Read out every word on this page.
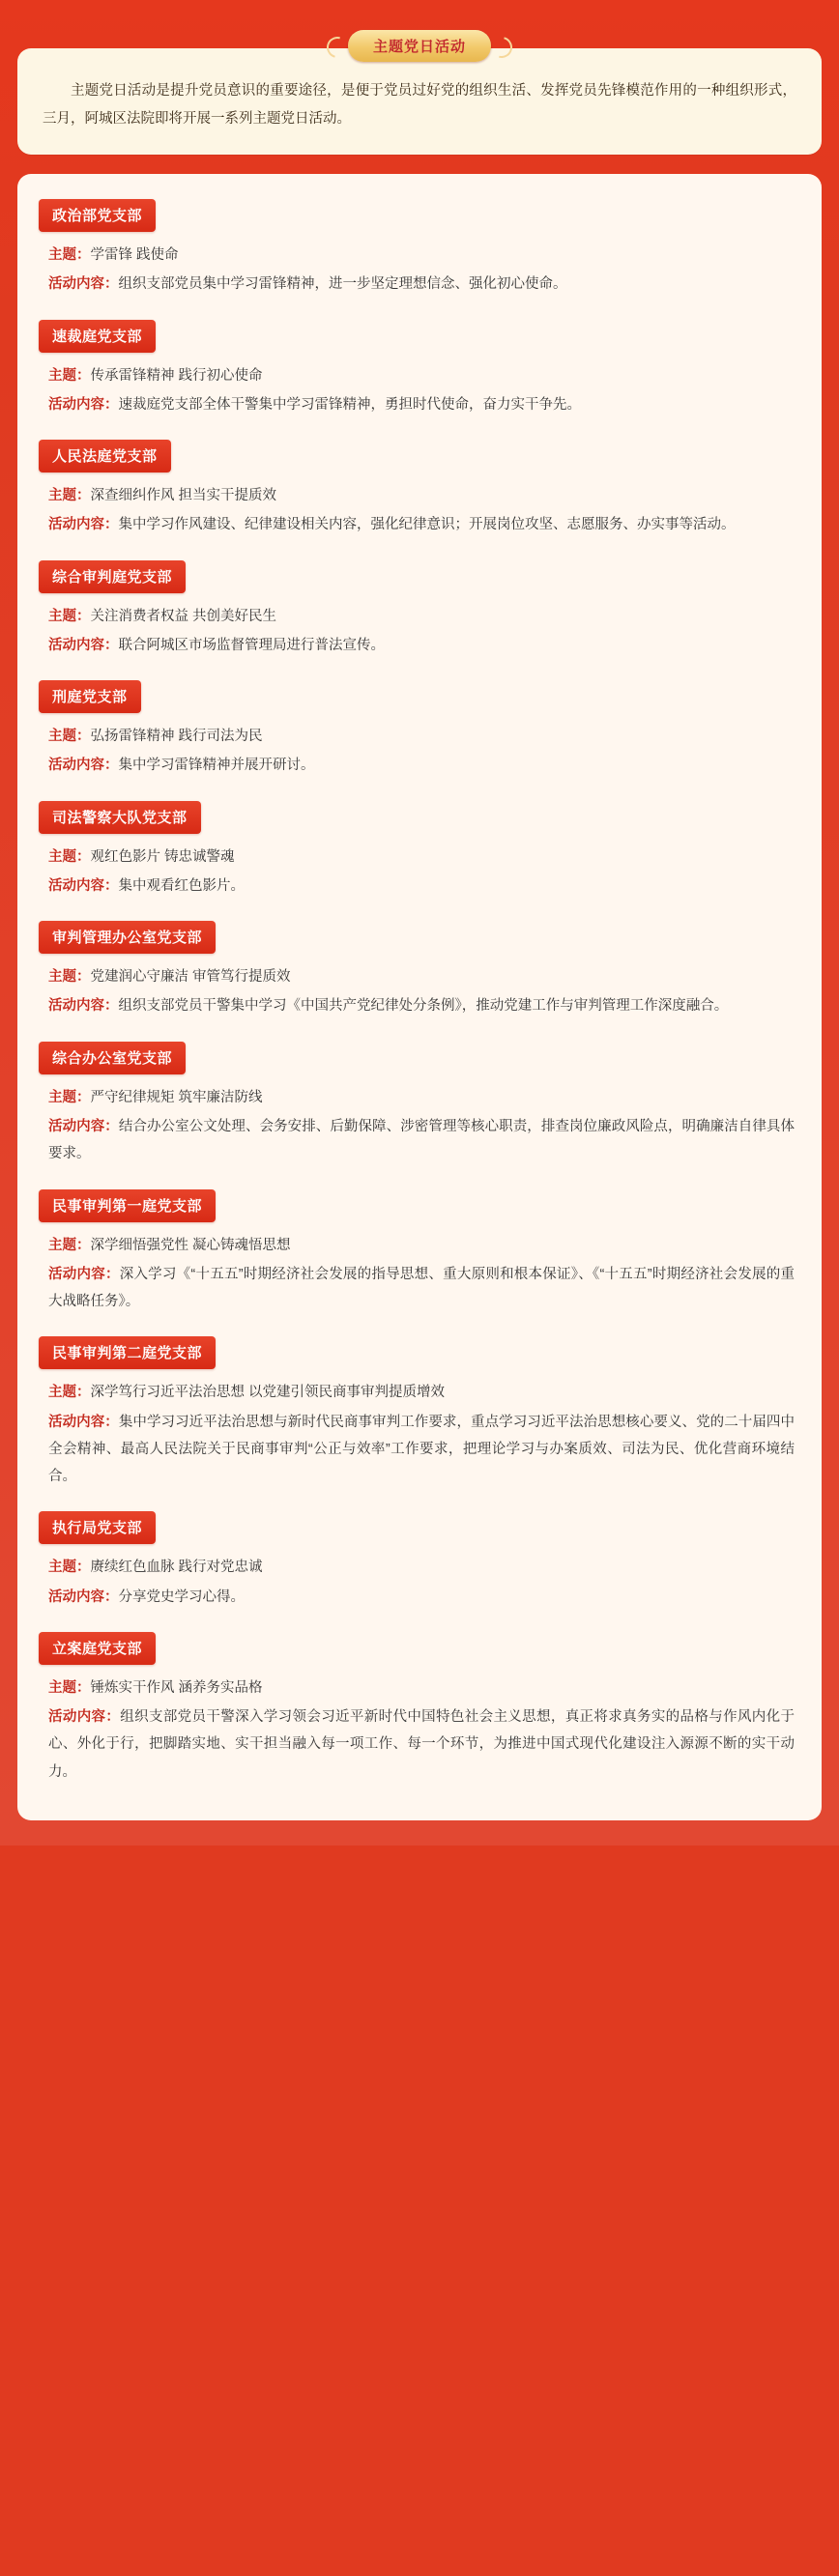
主题党日活动

主题党日活动是提升党员意识的重要途径，是便于党员过好党的组织生活、发挥党员先锋模范作用的一种组织形式，三月，阿城区法院即将开展一系列主题党日活动。

政治部党支部

主题：学雷锋 践使命

活动内容：组织支部党员集中学习雷锋精神，进一步坚定理想信念、强化初心使命。

速裁庭党支部

主题：传承雷锋精神 践行初心使命

活动内容：速裁庭党支部全体干警集中学习雷锋精神，勇担时代使命，奋力实干争先。

人民法庭党支部

主题：深查细纠作风 担当实干提质效

活动内容：集中学习作风建设、纪律建设相关内容，强化纪律意识；开展岗位攻坚、志愿服务、办实事等活动。

综合审判庭党支部

主题：关注消费者权益 共创美好民生

活动内容：联合阿城区市场监督管理局进行普法宣传。

刑庭党支部

主题：弘扬雷锋精神 践行司法为民

活动内容：集中学习雷锋精神并展开研讨。

司法警察大队党支部

主题：观红色影片 铸忠诚警魂

活动内容：集中观看红色影片。

审判管理办公室党支部

主题：党建润心守廉洁 审管笃行提质效

活动内容：组织支部党员干警集中学习《中国共产党纪律处分条例》，推动党建工作与审判管理工作深度融合。

综合办公室党支部

主题：严守纪律规矩 筑牢廉洁防线

活动内容：结合办公室公文处理、会务安排、后勤保障、涉密管理等核心职责，排查岗位廉政风险点，明确廉洁自律具体要求。

民事审判第一庭党支部

主题：深学细悟强党性 凝心铸魂悟思想

活动内容：深入学习《“十五五”时期经济社会发展的指导思想、重大原则和根本保证》、《“十五五”时期经济社会发展的重大战略任务》。

民事审判第二庭党支部

主题：深学笃行习近平法治思想 以党建引领民商事审判提质增效

活动内容：集中学习习近平法治思想与新时代民商事审判工作要求，重点学习习近平法治思想核心要义、党的二十届四中全会精神、最高人民法院关于民商事审判“公正与效率”工作要求，把理论学习与办案质效、司法为民、优化营商环境结合。

执行局党支部

主题：赓续红色血脉 践行对党忠诚

活动内容：分享党史学习心得。

立案庭党支部

主题：锤炼实干作风 涵养务实品格

活动内容：组织支部党员干警深入学习领会习近平新时代中国特色社会主义思想，真正将求真务实的品格与作风内化于心、外化于行，把脚踏实地、实干担当融入每一项工作、每一个环节，为推进中国式现代化建设注入源源不断的实干动力。
